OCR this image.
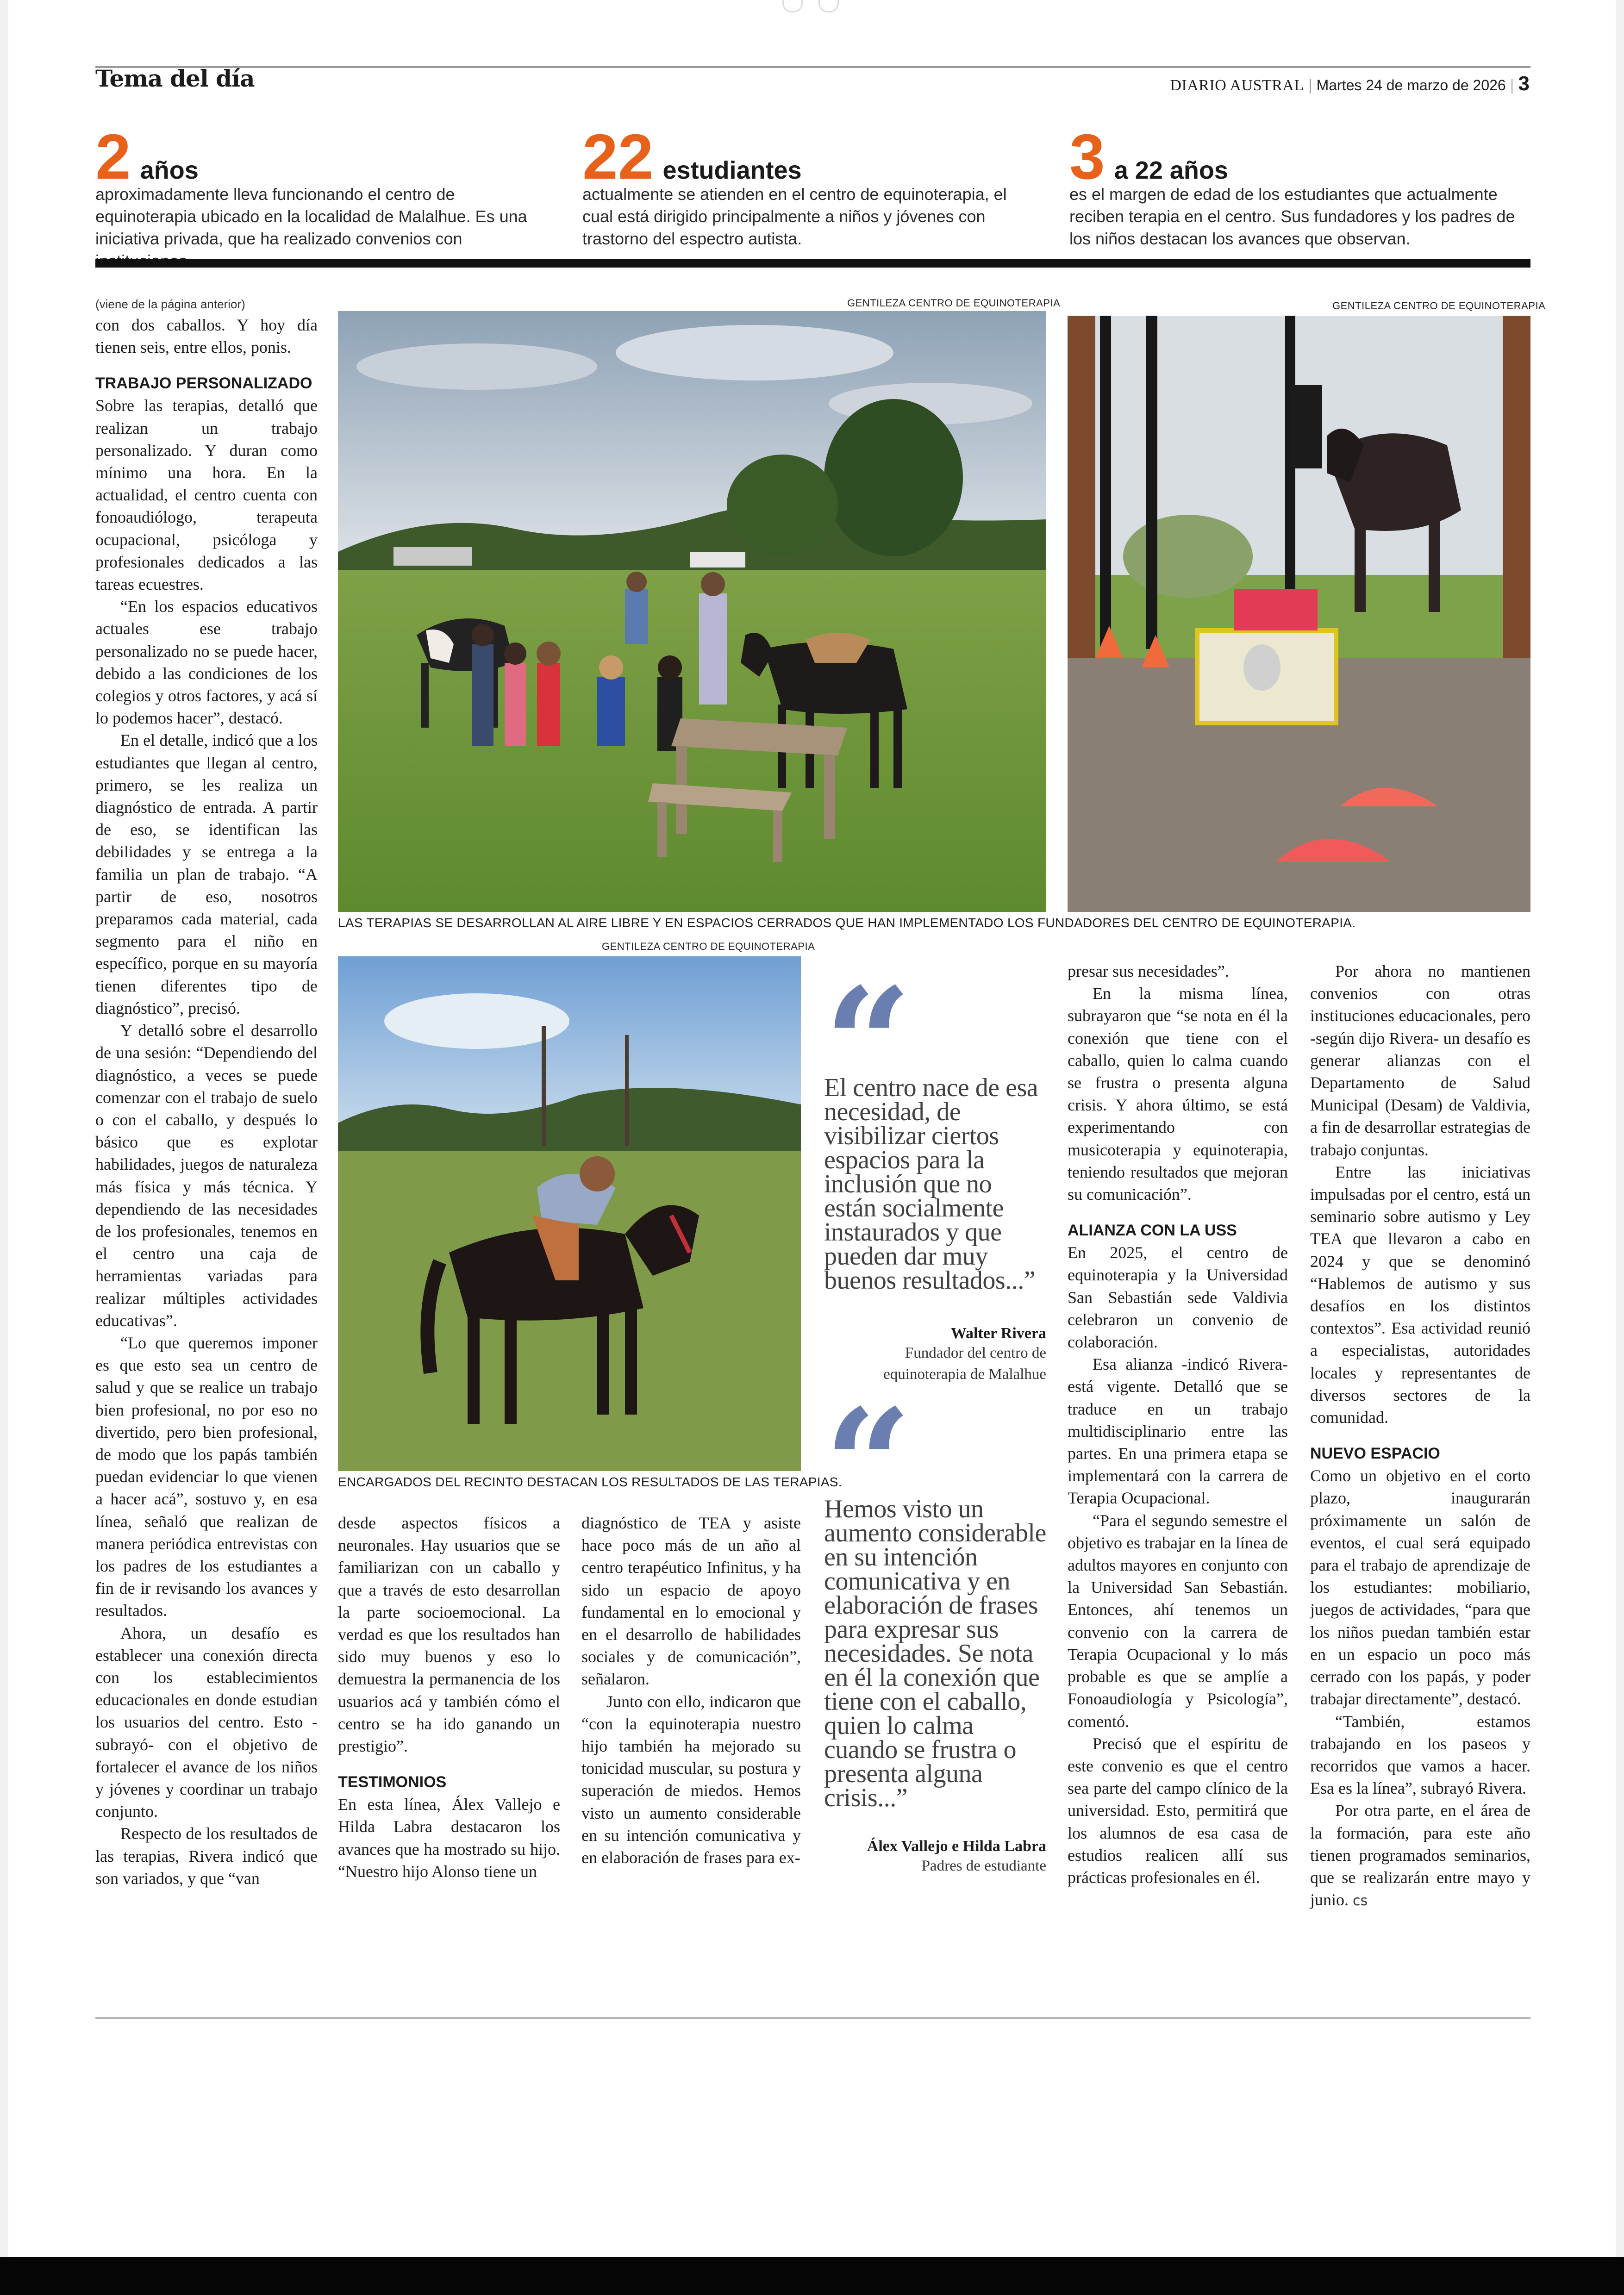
Tema del día	DIARIO AUSTRAL | Martes 24 de marzo de 2026 | 3
2 años
aproximadamente lleva funcionando el centro de equinoterapia ubicado en la localidad de Malalhue. Es una iniciativa privada, que ha realizado convenios con
22 estudiantes
actualmente se atienden en el centro de equinoterapia, el cual está dirigido principalmente a niños y jóvenes con trastorno del espectro autista.
3 a 22 años
es el margen de edad de los estudiantes que actualmente reciben terapia en el centro. Sus fundadores y los padres de los niños destacan los avances que observan.

(viene de la página anterior)

con dos caballos. Y hoy día tienen seis, entre ellos, ponis.

TRABAJO PERSONALIZADO

Sobre las terapias, detalló que realizan un trabajo personalizado. Y duran como mínimo una hora. En la actualidad, el centro cuenta con fonoaudiólogo, terapeuta ocupacional, psicóloga y profesionales dedicados a las tareas ecuestres.

“En los espacios educativos actuales ese trabajo personalizado no se puede hacer, debido a las condiciones de los colegios y otros factores, y acá sí lo podemos hacer”, destacó.

En el detalle, indicó que a los estudiantes que llegan al centro, primero, se les realiza un diagnóstico de entrada. A partir de eso, se identifican las debilidades y se entrega a la familia un plan de trabajo. “A partir de eso, nosotros preparamos cada material, cada segmento para el niño en específico, porque en su mayoría tienen diferentes tipo de diagnóstico”, precisó.

Y detalló sobre el desarrollo de una sesión: “Dependiendo del diagnóstico, a veces se puede comenzar con el trabajo de suelo o con el caballo, y después lo básico que es explotar habilidades, juegos de naturaleza más física y más técnica. Y dependiendo de las necesidades de los profesionales, tenemos en el centro una caja de herramientas variadas para realizar múltiples actividades educativas”.

“Lo que queremos imponer es que esto sea un centro de salud y que se realice un trabajo bien profesional, no por eso no divertido, pero bien profesional, de modo que los papás también puedan evidenciar lo que vienen a hacer acá”, sostuvo y, en esa línea, señaló que realizan de manera periódica entrevistas con los padres de los estudiantes a fin de ir revisando los avances y resultados.

Ahora, un desafío es establecer una conexión directa con los establecimientos educacionales en donde estudian los usuarios del centro. Esto -subrayó- con el objetivo de fortalecer el avance de los niños y jóvenes y coordinar un trabajo conjunto.

Respecto de los resultados de las terapias, Rivera indicó que son variados, y que “van

GENTILEZA CENTRO DE EQUINOTERAPIA	GENTILEZA CENTRO DE EQUINOTERAPIA
LAS TERAPIAS SE DESARROLLAN AL AIRE LIBRE Y EN ESPACIOS CERRADOS QUE HAN IMPLEMENTADO LOS FUNDADORES DEL CENTRO DE EQUINOTERAPIA.
GENTILEZA CENTRO DE EQUINOTERAPIA
ENCARGADOS DEL RECINTO DESTACAN LOS RESULTADOS DE LAS TERAPIAS.

desde aspectos físicos a neuronales. Hay usuarios que se familiarizan con un caballo y que a través de esto desarrollan la parte socioemocional. La verdad es que los resultados han sido muy buenos y eso lo demuestra la permanencia de los usuarios acá y también cómo el centro se ha ido ganando un prestigio”.

TESTIMONIOS

En esta línea, Álex Vallejo e Hilda Labra destacaron los avances que ha mostrado su hijo. “Nuestro hijo Alonso tiene un

diagnóstico de TEA y asiste hace poco más de un año al centro terapéutico Infinitus, y ha sido un espacio de apoyo fundamental en lo emocional y en el desarrollo de habilidades sociales y de comunicación”, señalaron.

Junto con ello, indicaron que “con la equinoterapia nuestro hijo también ha mejorado su tonicidad muscular, su postura y superación de miedos. Hemos visto un aumento considerable en su intención comunicativa y en elaboración de frases para ex-

El centro nace de esa necesidad, de visibilizar ciertos espacios para la inclusión que no están socialmente instaurados y que pueden dar muy buenos resultados...”
Walter Rivera
Fundador del centro de equinoterapia de Malalhue
Hemos visto un aumento considerable en su intención comunicativa y en elaboración de frases para expresar sus necesidades. Se nota en él la conexión que tiene con el caballo, quien lo calma cuando se frustra o presenta alguna crisis...”
Álex Vallejo e Hilda Labra
Padres de estudiante

presar sus necesidades”.

En la misma línea, subrayaron que “se nota en él la conexión que tiene con el caballo, quien lo calma cuando se frustra o presenta alguna crisis. Y ahora último, se está experimentando con musicoterapia y equinoterapia, teniendo resultados que mejoran su comunicación”.

ALIANZA CON LA USS

En 2025, el centro de equinoterapia y la Universidad San Sebastián sede Valdivia celebraron un convenio de colaboración.

Esa alianza -indicó Rivera- está vigente. Detalló que se traduce en un trabajo multidisciplinario entre las partes. En una primera etapa se implementará con la carrera de Terapia Ocupacional.

“Para el segundo semestre el objetivo es trabajar en la línea de adultos mayores en conjunto con la Universidad San Sebastián. Entonces, ahí tenemos un convenio con la carrera de Terapia Ocupacional y lo más probable es que se amplíe a Fonoaudiología y Psicología”, comentó.

Precisó que el espíritu de este convenio es que el centro sea parte del campo clínico de la universidad. Esto, permitirá que los alumnos de esa casa de estudios realicen allí sus prácticas profesionales en él.

Por ahora no mantienen convenios con otras instituciones educacionales, pero -según dijo Rivera- un desafío es generar alianzas con el Departamento de Salud Municipal (Desam) de Valdivia, a fin de desarrollar estrategias de trabajo conjuntas.

Entre las iniciativas impulsadas por el centro, está un seminario sobre autismo y Ley TEA que llevaron a cabo en 2024 y que se denominó “Hablemos de autismo y sus desafíos en los distintos contextos”. Esa actividad reunió a especialistas, autoridades locales y representantes de diversos sectores de la comunidad.

NUEVO ESPACIO

Como un objetivo en el corto plazo, inaugurarán próximamente un salón de eventos, el cual será equipado para el trabajo de aprendizaje de los estudiantes: mobiliario, juegos de actividades, “para que los niños puedan también estar en un espacio un poco más cerrado con los papás, y poder trabajar directamente”, destacó.

“También, estamos trabajando en los paseos y recorridos que vamos a hacer. Esa es la línea”, subrayó Rivera.

Por otra parte, en el área de la formación, para este año tienen programados seminarios, que se realizarán entre mayo y junio. cs
